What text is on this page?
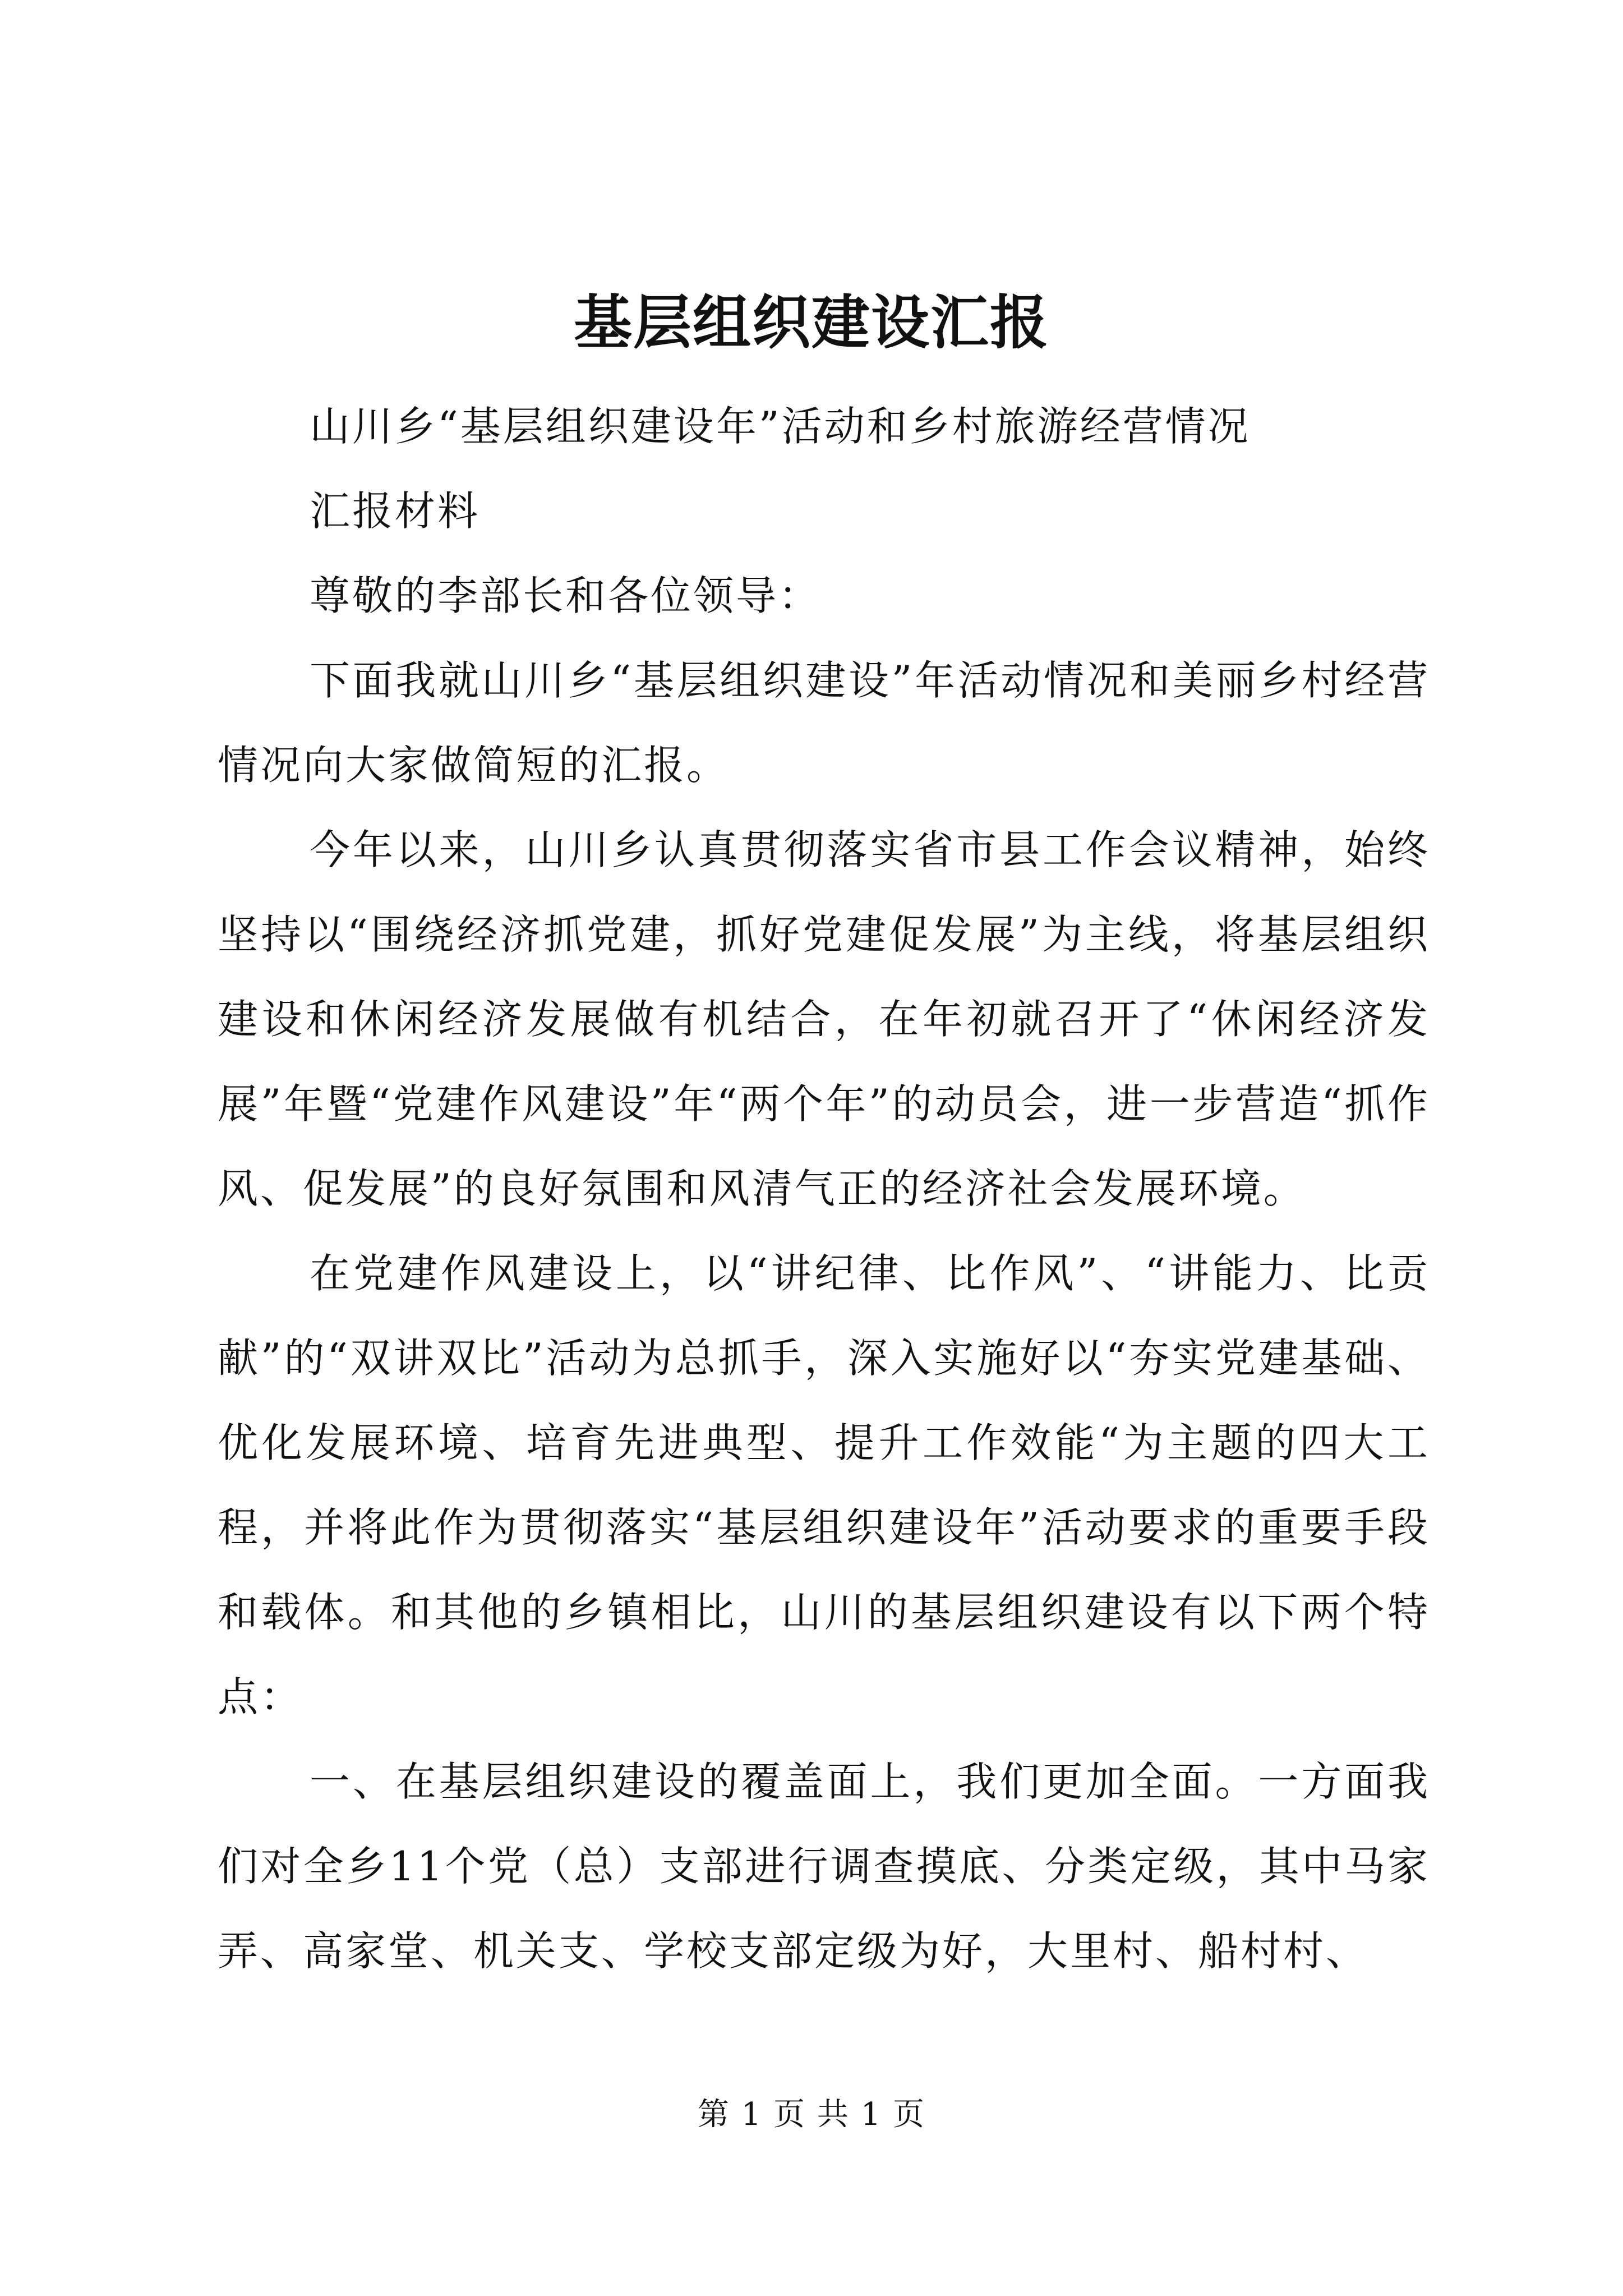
基层组织建设汇报

山川乡“基层组织建设年”活动和乡村旅游经营情况

汇报材料

尊敬的李部长和各位领导：

下面我就山川乡“基层组织建设”年活动情况和美丽乡村经营情况向大家做简短的汇报。

今年以来，山川乡认真贯彻落实省市县工作会议精神，始终坚持以“围绕经济抓党建，抓好党建促发展”为主线，将基层组织建设和休闲经济发展做有机结合，在年初就召开了“休闲经济发展”年暨“党建作风建设”年“两个年”的动员会，进一步营造“抓作风、促发展”的良好氛围和风清气正的经济社会发展环境。

在党建作风建设上，以“讲纪律、比作风”、“讲能力、比贡献”的“双讲双比”活动为总抓手，深入实施好以“夯实党建基础、优化发展环境、培育先进典型、提升工作效能“为主题的四大工程，并将此作为贯彻落实“基层组织建设年”活动要求的重要手段和载体。和其他的乡镇相比，山川的基层组织建设有以下两个特点：

一、在基层组织建设的覆盖面上，我们更加全面。一方面我们对全乡11个党（总）支部进行调查摸底、分类定级，其中马家弄、高家堂、机关支、学校支部定级为好，大里村、船村村、

第 1 页 共 1 页
